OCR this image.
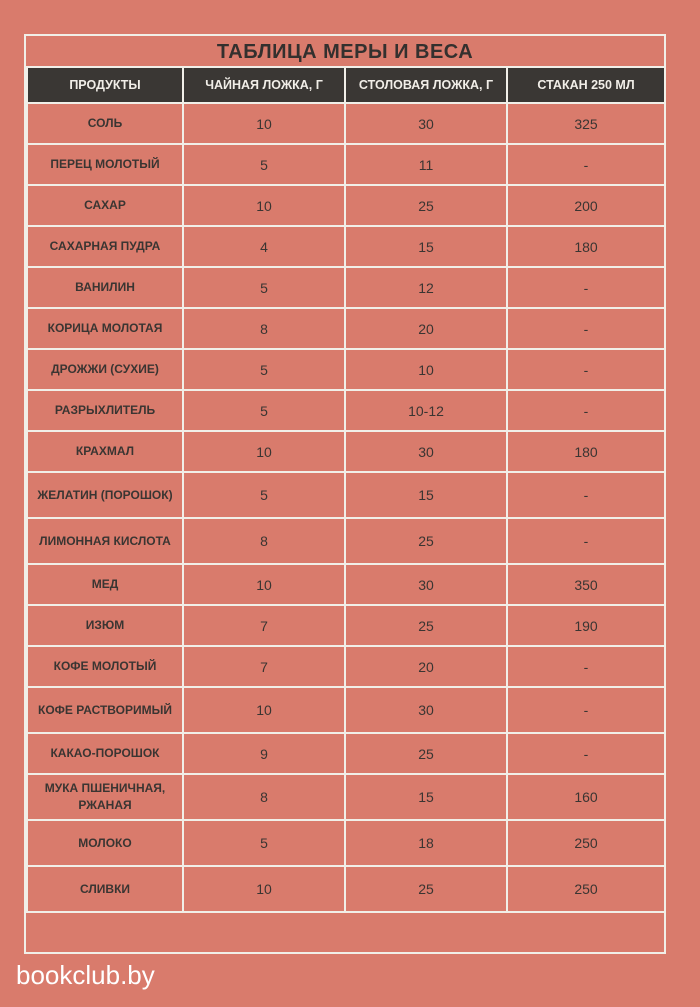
ТАБЛИЦА МЕРЫ И ВЕСА
ПРОДУКТЫ	ЧАЙНАЯ ЛОЖКА, Г	СТОЛОВАЯ ЛОЖКА, Г	СТАКАН 250 МЛ
СОЛЬ	10	30	325
ПЕРЕЦ МОЛОТЫЙ	5	11	-
САХАР	10	25	200
САХАРНАЯ ПУДРА	4	15	180
ВАНИЛИН	5	12	-
КОРИЦА МОЛОТАЯ	8	20	-
ДРОЖЖИ (СУХИЕ)	5	10	-
РАЗРЫХЛИТЕЛЬ	5	10-12	-
КРАХМАЛ	10	30	180
ЖЕЛАТИН (ПОРОШОК)	5	15	-
ЛИМОННАЯ КИСЛОТА	8	25	-
МЕД	10	30	350
ИЗЮМ	7	25	190
КОФЕ МОЛОТЫЙ	7	20	-
КОФЕ РАСТВОРИМЫЙ	10	30	-
КАКАО-ПОРОШОК	9	25	-
МУКА ПШЕНИЧНАЯ, РЖАНАЯ	8	15	160
МОЛОКО	5	18	250
СЛИВКИ	10	25	250
bookclub.by
